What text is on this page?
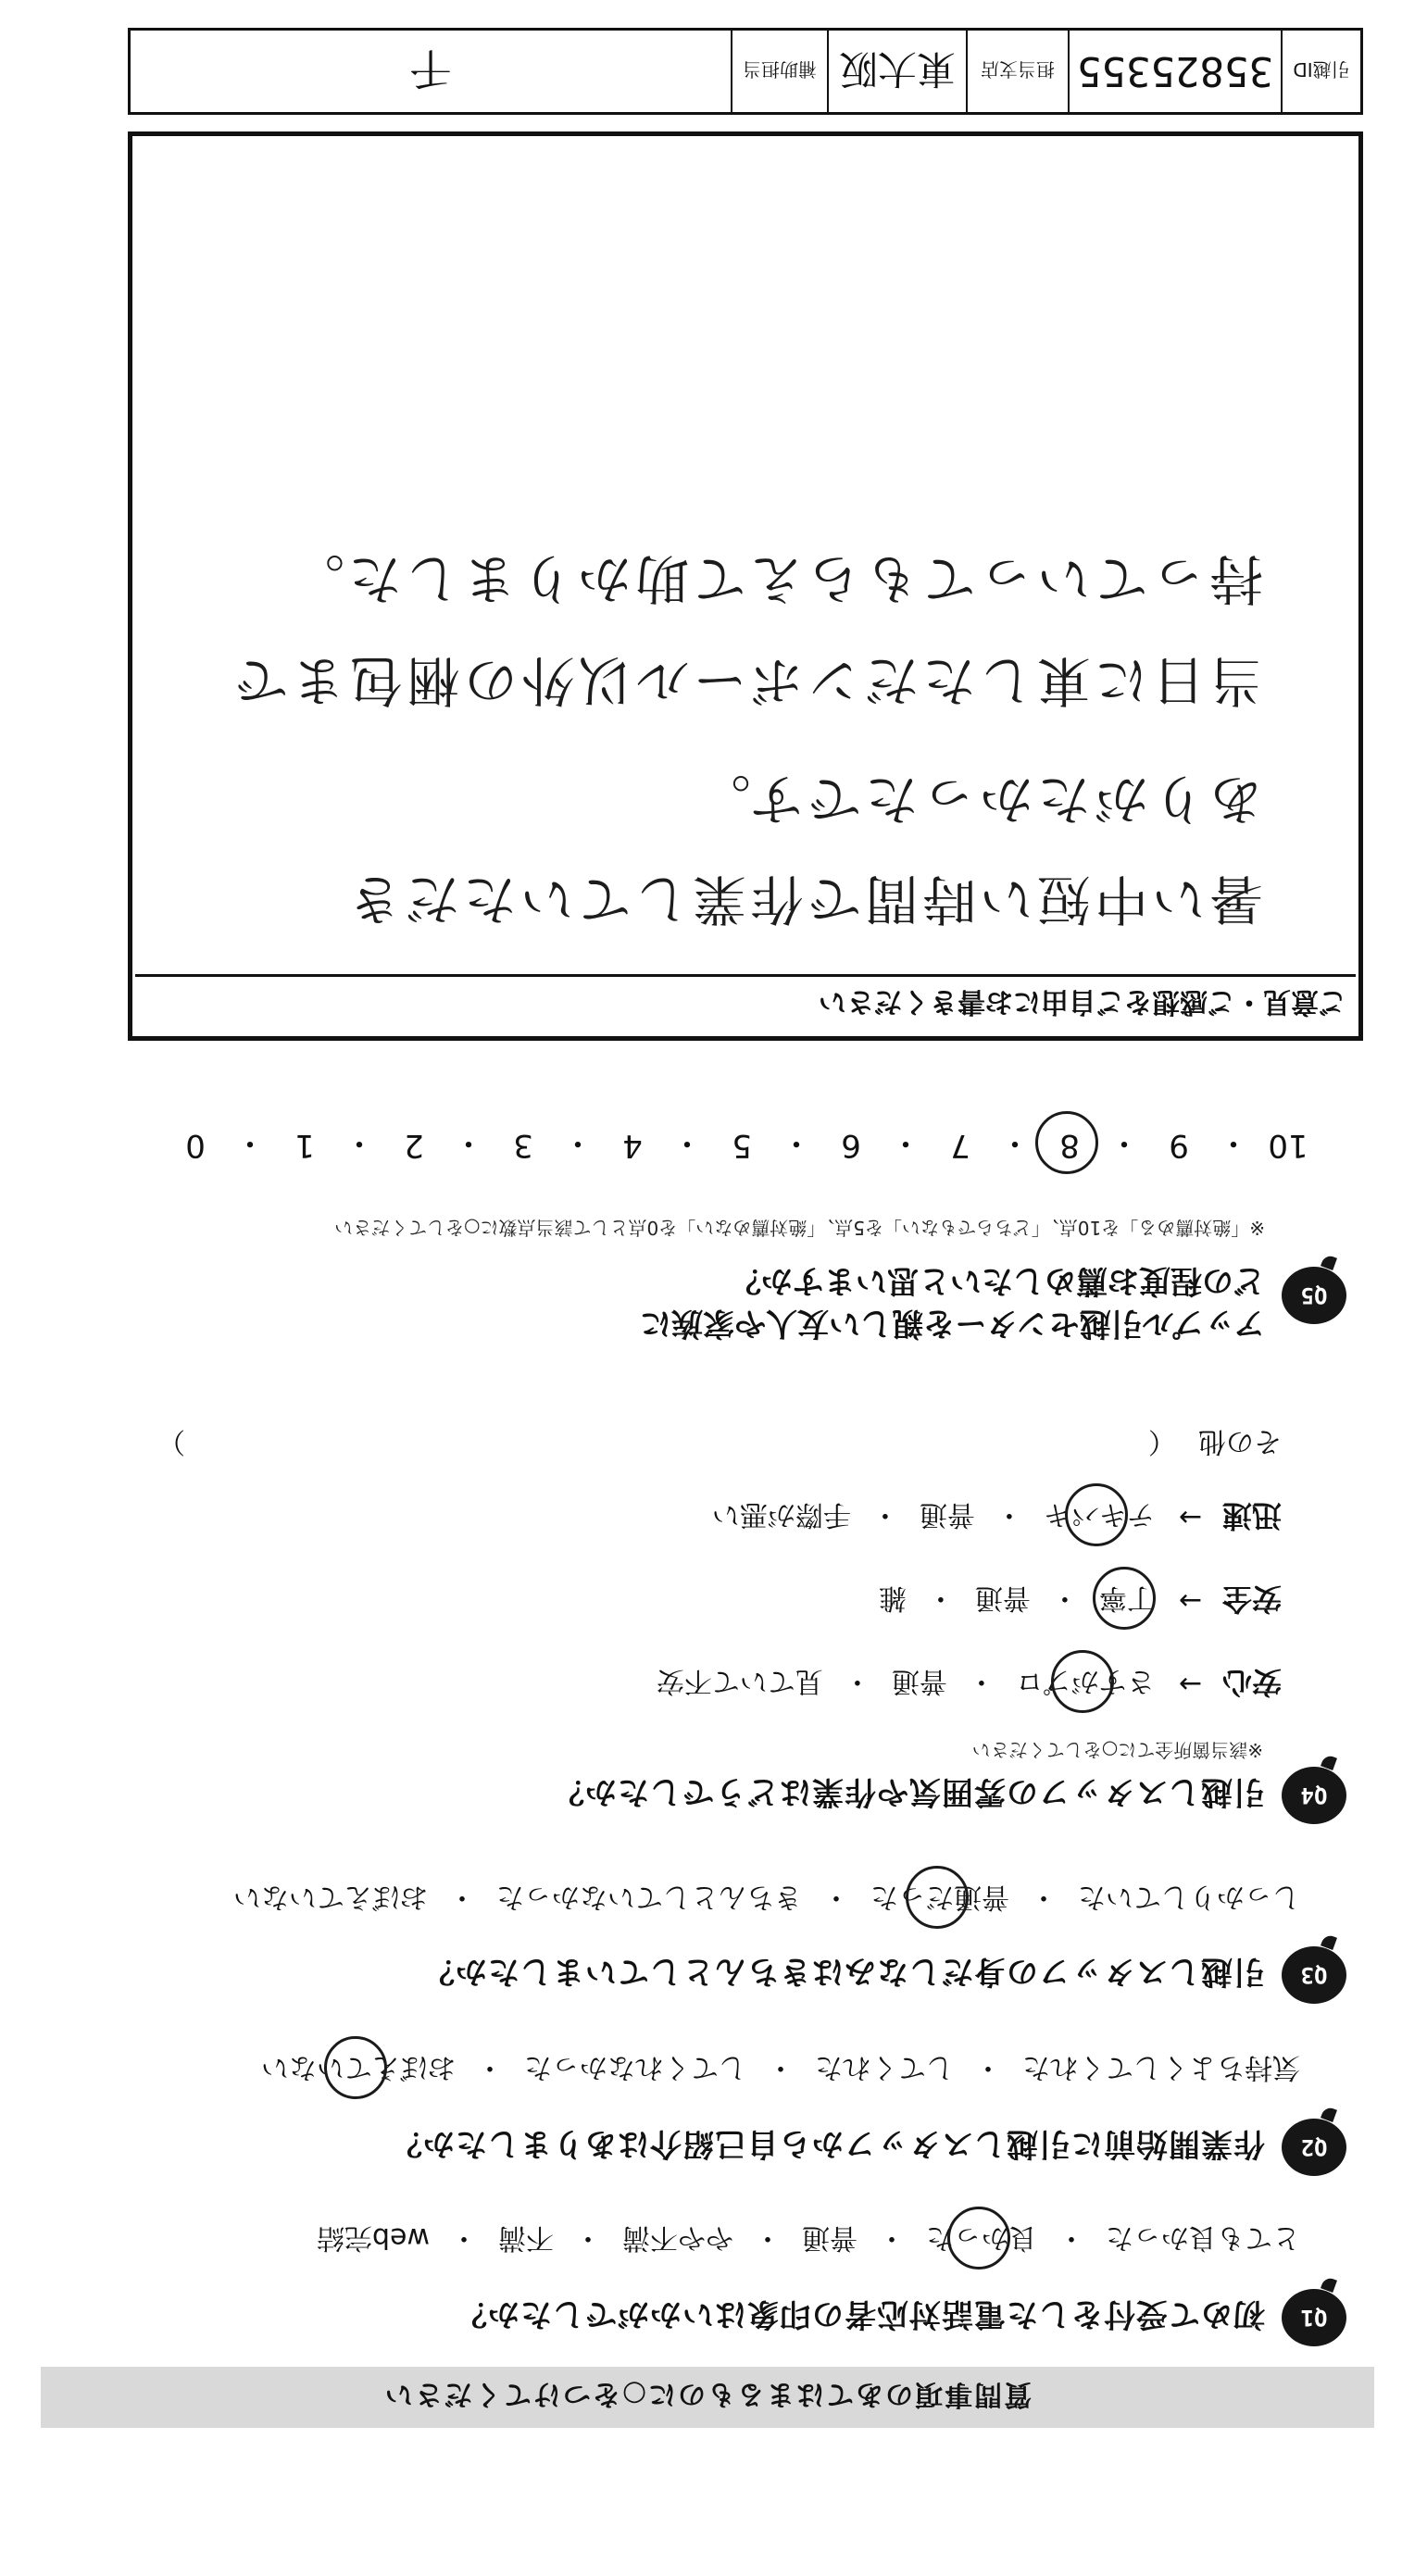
質問事項のあてはまるものに○をつけてください
Q1
初めて受付をした電話対応者の印象はいかがでしたか？
とても良かった
・
良かった
・
普通
・
やや不満
・
不満
・
web完結
Q2
作業開始前に引越しスタッフから自己紹介はありましたか？
気持ちよくしてくれた
・
してくれた
・
してくれなかった
・
おぼえていない
Q3
引越しスタッフの身だしなみはきちんとしていましたか？
しっかりしていた
・
普通だった
・
きちんとしていなかった
・
おぼえていない
Q4
引越しスタッフの雰囲気や作業はどうでしたか？
※該当箇所全てに○をしてください
安心
→
さすがプロ
・
普通
・
見ていて不安
安全
→
丁寧
・
普通
・
雑
迅速
→
テキパキ
・
普通
・
手際が悪い
その他
（
）
Q5
アップル引越センターを親しい友人や家族に
どの程度お薦めしたいと思いますか？
※「絶対薦める」を10点、「どちらでもない」を5点、「絶対薦めない」を0点として該当点数に○をしてください
10
・
9
・
8
・
7
・
6
・
5
・
4
・
3
・
2
・
1
・
0
ご意見・ご感想をご自由にお書きください
暑い中短い時間で作業していただき
ありがたかったです。
当日に東しただンボール以外の梱包まで
持っていってもらえて助かりました。
引越ID
35825355
担当支店
東大阪
補助担当
千
